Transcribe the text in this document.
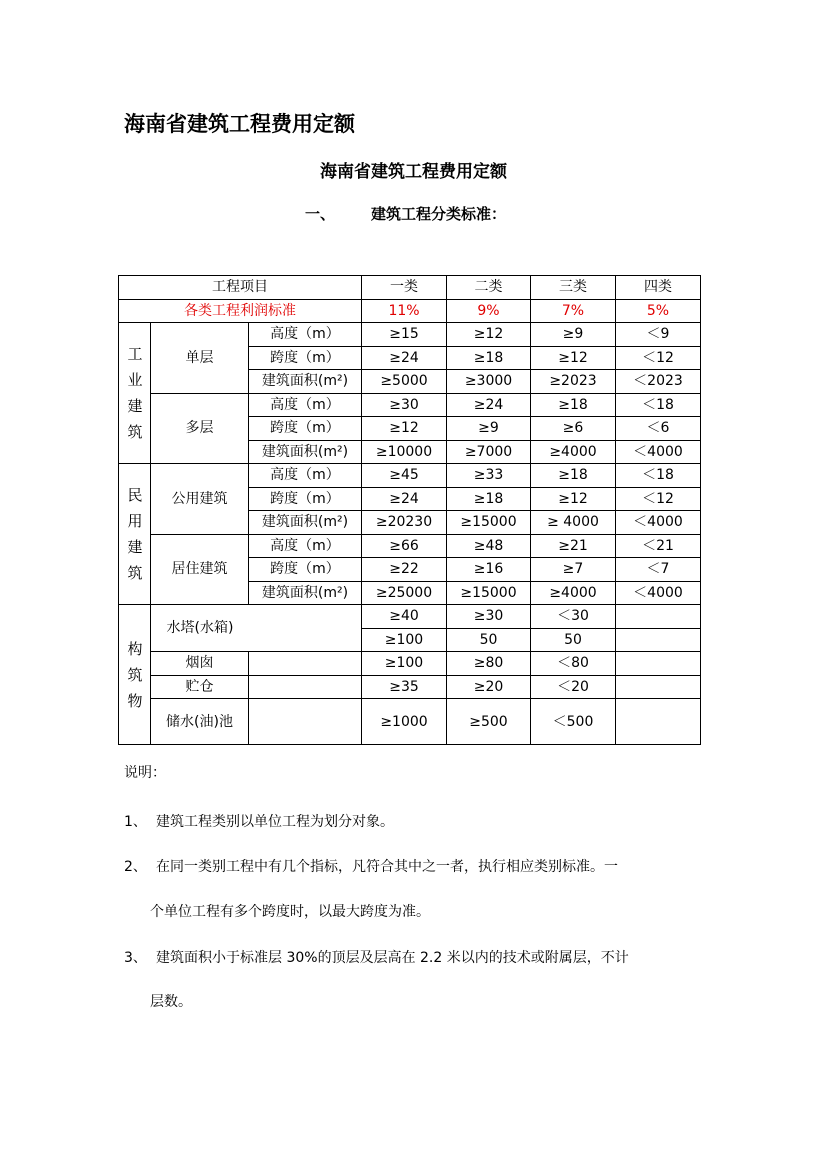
海南省建筑工程费用定额
海南省建筑工程费用定额
一、 建筑工程分类标准：
工程项目			一类	二类	三类	四类
各类工程利润标准			11%	9%	7%	5%

工业建筑	单层	高度（m）	≥15	≥12	≥9	＜9
		跨度（m）	≥24	≥18	≥12	＜12
		建筑面积(m²)	≥5000	≥3000	≥2023	＜2023
	多层	高度（m）	≥30	≥24	≥18	＜18
		跨度（m）	≥12	≥9	≥6	＜6
		建筑面积(m²)	≥10000	≥7000	≥4000	＜4000

民用建筑	公用建筑	高度（m）	≥45	≥33	≥18	＜18
		跨度（m）	≥24	≥18	≥12	＜12
		建筑面积(m²)	≥20230	≥15000	≥ 4000	＜4000
	居住建筑	高度（m）	≥66	≥48	≥21	＜21
		跨度（m）	≥22	≥16	≥7	＜7
		建筑面积(m²)	≥25000	≥15000	≥4000	＜4000

构筑物	水塔(水箱)		≥40	≥30	＜30	
			≥100	50	50	
	烟囱		≥100	≥80	＜80	
	贮仓		≥35	≥20	＜20	

	储水(油)池		≥1000	≥500	＜500	
说明：
1、 建筑工程类别以单位工程为划分对象。
2、 在同一类别工程中有几个指标，凡符合其中之一者，执行相应类别标准。一
个单位工程有多个跨度时，以最大跨度为准。
3、 建筑面积小于标准层 30%的顶层及层高在 2.2 米以内的技术或附属层，不计
层数。
